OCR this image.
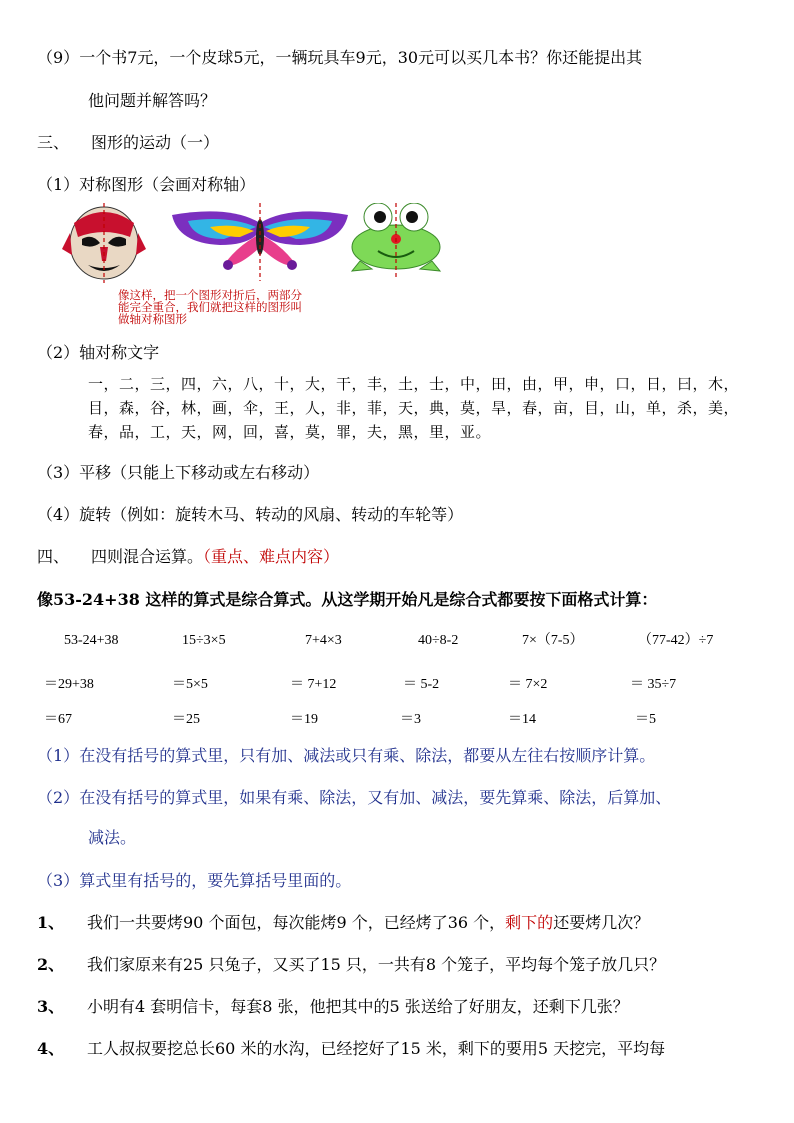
（9）一个书7元，一个皮球5元，一辆玩具车9元，30元可以买几本书？你还能提出其
他问题并解答吗？
三、 图形的运动（一）
（1）对称图形（会画对称轴）
像这样，把一个图形对折后，两部分
能完全重合，我们就把这样的图形叫
做轴对称图形
（2）轴对称文字
一，二，三，四，六，八，十，大，干，丰，土，士，中，田，由，甲，申，口，日，曰，木，
目，森，谷，林，画，伞，王，人，非，菲，天，典，莫，旱，春，亩，目，山，单，杀，美，
春，品，工，天，网，回，喜，莫，罪，夫，黑，里，亚。
（3）平移（只能上下移动或左右移动）
（4）旋转（例如：旋转木马、转动的风扇、转动的车轮等）
四、 四则混合运算。（重点、难点内容）
像53-24+38 这样的算式是综合算式。从这学期开始凡是综合式都要按下面格式计算：
53-24+38
＝29+38
＝67
15÷3×5
＝5×5
＝25
7+4×3
＝ 7+12
＝19
40÷8-2
＝ 5-2
＝3
7×（7-5）
＝ 7×2
＝14
（77-42）÷7
＝ 35÷7
＝5
（1）在没有括号的算式里，只有加、减法或只有乘、除法，都要从左往右按顺序计算。
（2）在没有括号的算式里，如果有乘、除法，又有加、减法，要先算乘、除法，后算加、
减法。
（3）算式里有括号的，要先算括号里面的。
1、 我们一共要烤90 个面包，每次能烤9 个，已经烤了36 个，剩下的还要烤几次？
2、 我们家原来有25 只兔子，又买了15 只，一共有8 个笼子，平均每个笼子放几只？
3、 小明有4 套明信卡，每套8 张，他把其中的5 张送给了好朋友，还剩下几张？
4、 工人叔叔要挖总长60 米的水沟，已经挖好了15 米，剩下的要用5 天挖完，平均每
